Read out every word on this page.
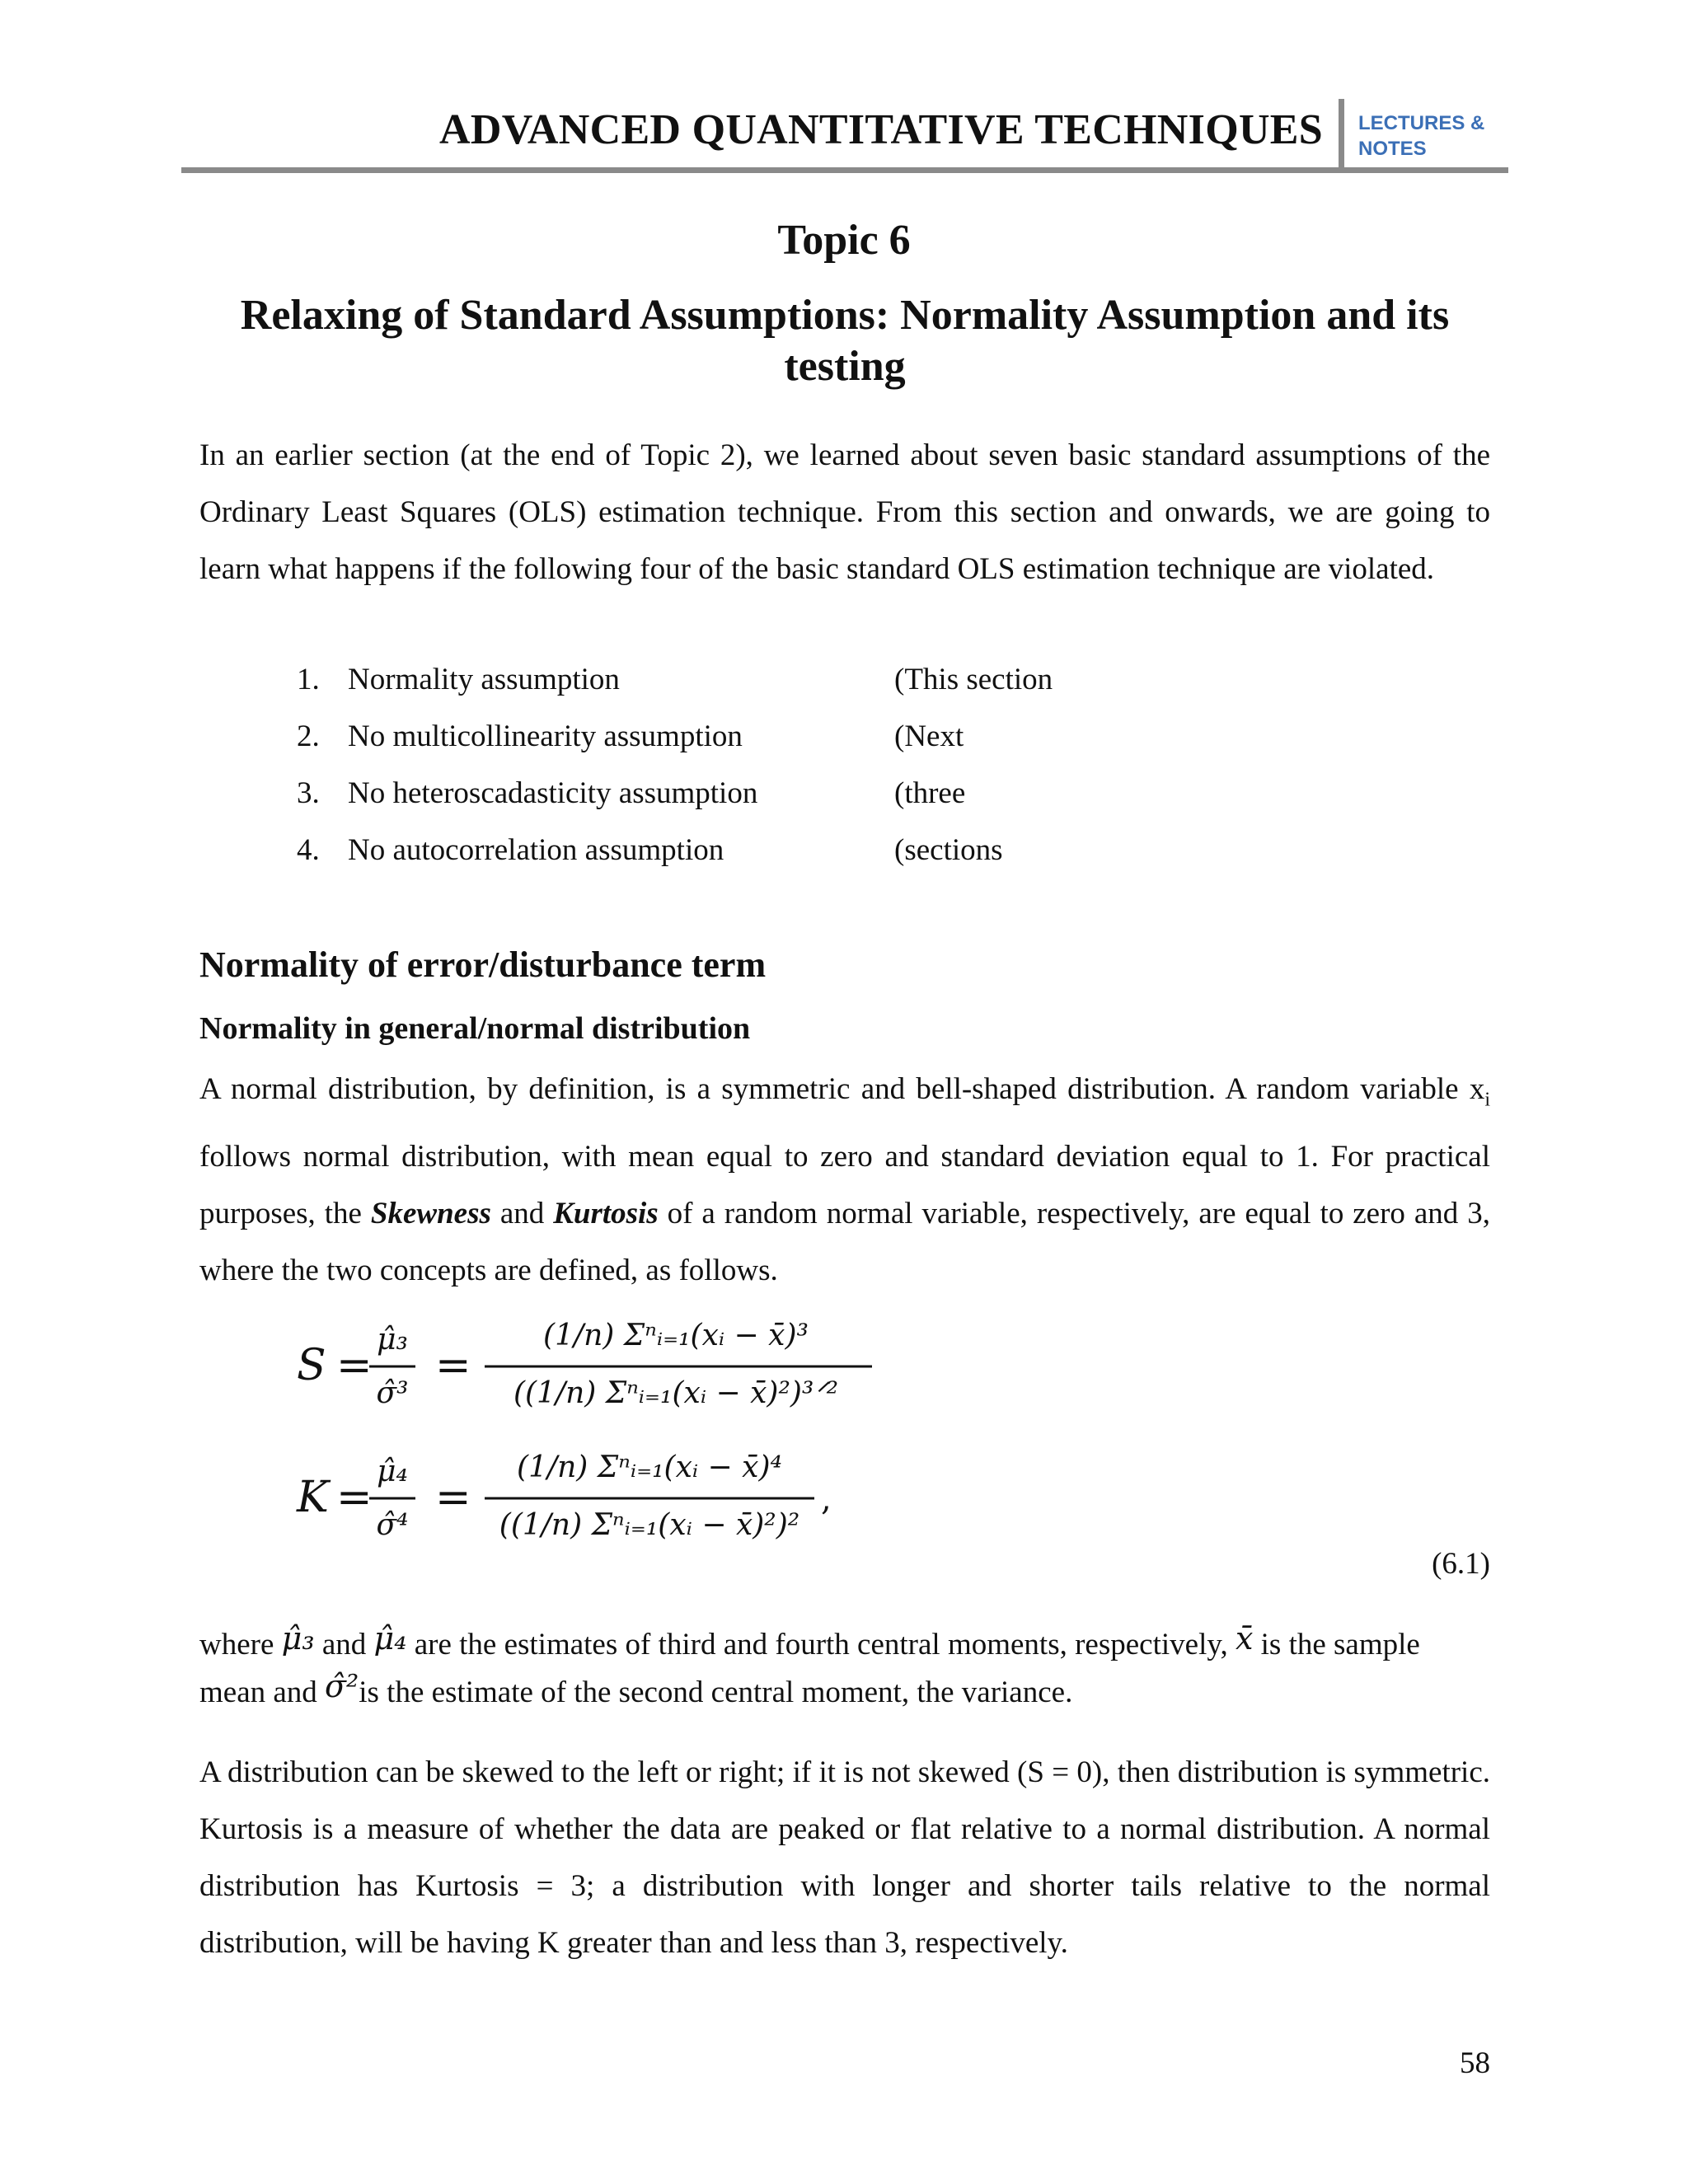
ADVANCED QUANTITATIVE TECHNIQUES LECTURES &
NOTES
Topic 6
Relaxing of Standard Assumptions: Normality Assumption and its testing
In an earlier section (at the end of Topic 2), we learned about seven basic standard assumptions of the Ordinary Least Squares (OLS) estimation technique. From this section and onwards, we are going to learn what happens if the following four of the basic standard OLS estimation technique are violated.
1. Normality assumption	(This section
2. No multicollinearity assumption	(Next
3. No heteroscadasticity assumption	(three
4. No autocorrelation assumption	(sections
Normality of error/disturbance term
Normality in general/normal distribution
A normal distribution, by definition, is a symmetric and bell-shaped distribution. A random variable $x_i$ follows normal distribution, with mean equal to zero and standard deviation equal to 1. For practical purposes, the Skewness and Kurtosis of a random normal variable, respectively, are equal to zero and 3, where the two concepts are defined, as follows.
S =
μ̂₃
σ̂³
=
(1/n) Σⁿᵢ₌₁(xᵢ − x̄)³
((1/n) Σⁿᵢ₌₁(xᵢ − x̄)²)³ᐟ²
K =
μ̂₄
σ̂⁴
=
(1/n) Σⁿᵢ₌₁(xᵢ − x̄)⁴
((1/n) Σⁿᵢ₌₁(xᵢ − x̄)²)²
,
(6.1)
where μ̂₃ and μ̂₄ are the estimates of third and fourth central moments, respectively, x̄ is the sample mean and σ̂²is the estimate of the second central moment, the variance.
A distribution can be skewed to the left or right; if it is not skewed (S = 0), then distribution is symmetric. Kurtosis is a measure of whether the data are peaked or flat relative to a normal distribution. A normal distribution has Kurtosis = 3; a distribution with longer and shorter tails relative to the normal distribution, will be having K greater than and less than 3, respectively.
58
